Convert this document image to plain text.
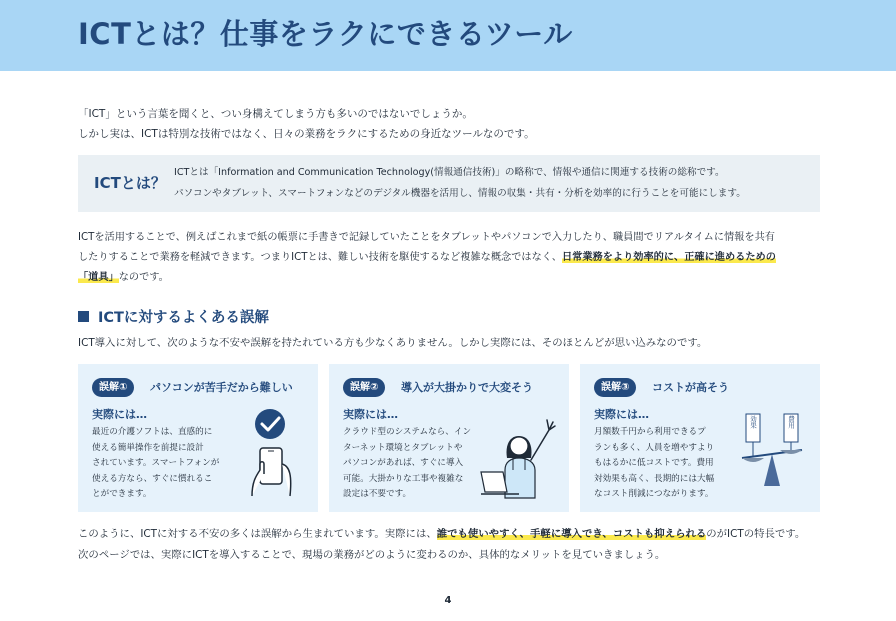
ICTとは？仕事をラクにできるツール
「ICT」という言葉を聞くと、つい身構えてしまう方も多いのではないでしょうか。
しかし実は、ICTは特別な技術ではなく、日々の業務をラクにするための身近なツールなのです。
ICTとは？
ICTとは「Information and Communication Technology(情報通信技術)」の略称で、情報や通信に関連する技術の総称です。
パソコンやタブレット、スマートフォンなどのデジタル機器を活用し、情報の収集・共有・分析を効率的に行うことを可能にします。
ICTを活用することで、例えばこれまで紙の帳票に手書きで記録していたことをタブレットやパソコンで入力したり、職員間でリアルタイムに情報を共有
したりすることで業務を軽減できます。つまりICTとは、難しい技術を駆使するなど複雑な概念ではなく、日常業務をより効率的に、正確に進めるための
「道具」なのです。
ICTに対するよくある誤解
ICT導入に対して、次のような不安や誤解を持たれている方も少なくありません。しかし実際には、そのほとんどが思い込みなのです。
誤解①	パソコンが苦手だから難しい
実際には…
最近の介護ソフトは、直感的に
使える簡単操作を前提に設計
されています。スマートフォンが
使える方なら、すぐに慣れるこ
とができます。
誤解②	導入が大掛かりで大変そう
実際には…
クラウド型のシステムなら、イン
ターネット環境とタブレットや
パソコンがあれば、すぐに導入
可能。大掛かりな工事や複雑な
設定は不要です。
誤解③	コストが高そう
実際には…
月額数千円から利用できるプ
ランも多く、人員を増やすより
もはるかに低コストです。費用
対効果も高く、長期的には大幅
なコスト削減につながります。
効果	費用
このように、ICTに対する不安の多くは誤解から生まれています。実際には、誰でも使いやすく、手軽に導入でき、コストも抑えられるのがICTの特長です。
次のページでは、実際にICTを導入することで、現場の業務がどのように変わるのか、具体的なメリットを見ていきましょう。
4
